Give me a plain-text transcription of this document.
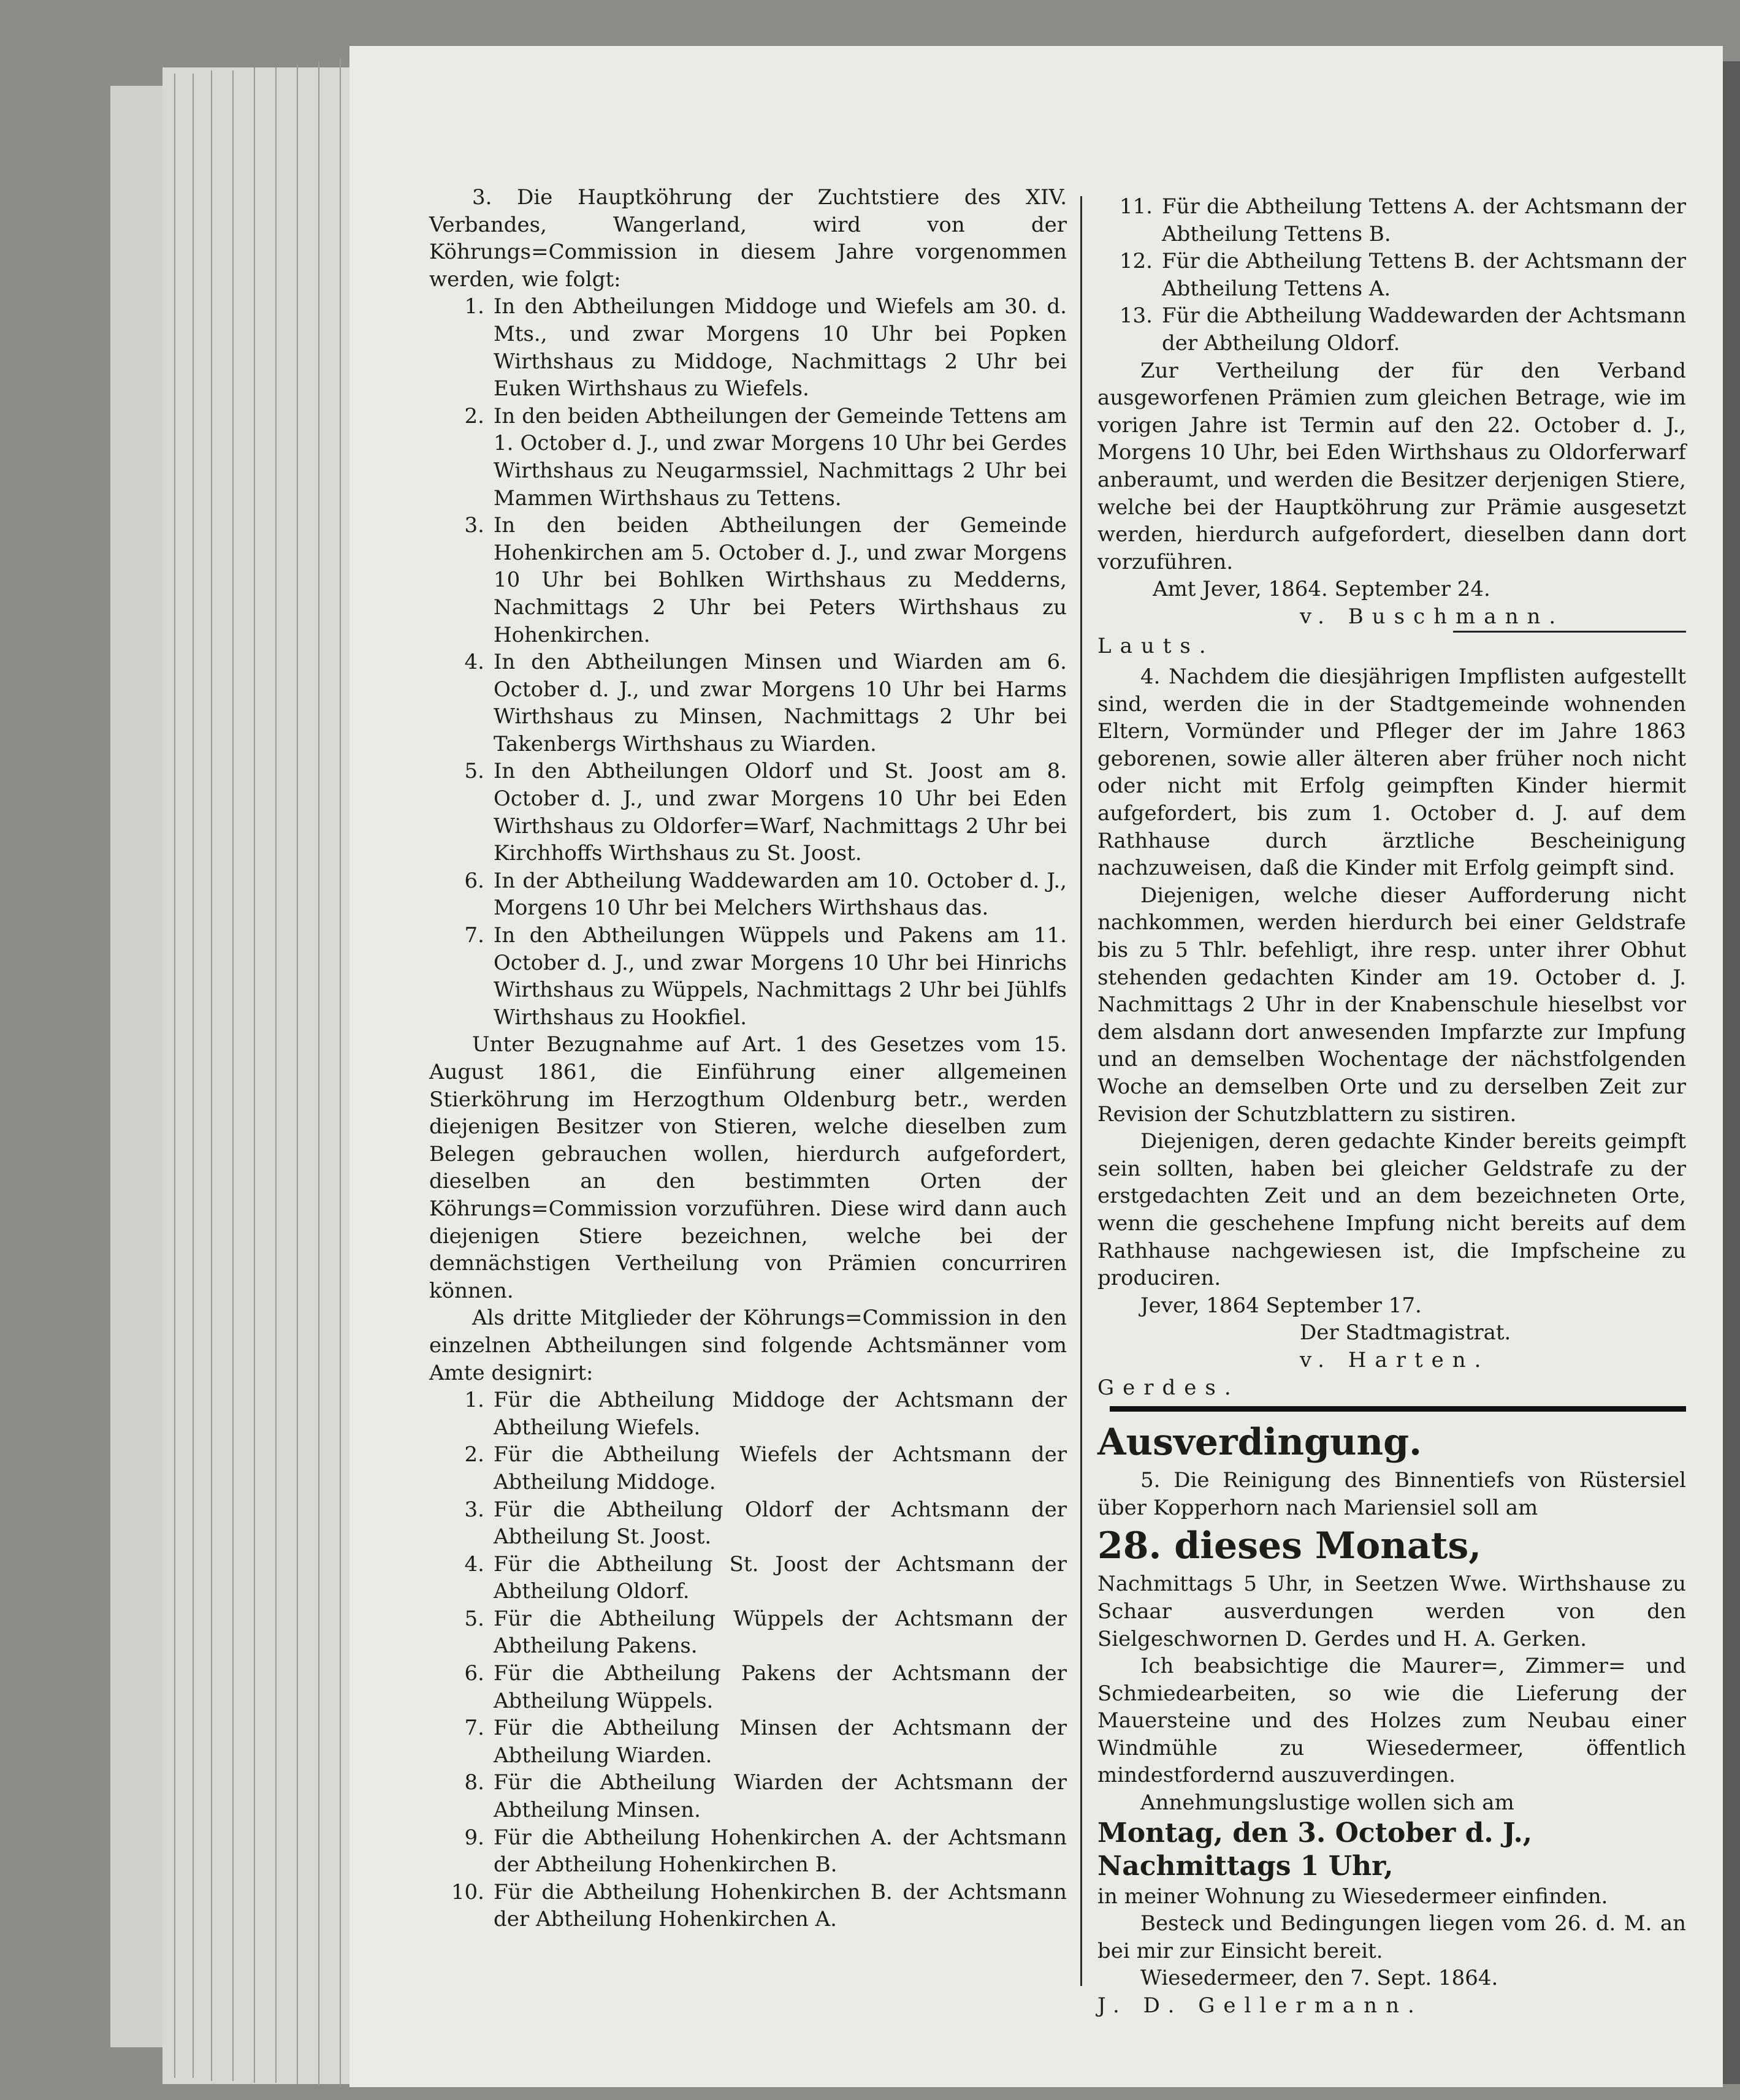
3. Die Hauptköhrung der Zuchtstiere des XIV. Verbandes, Wangerland, wird von der Köhrungs=Commission in diesem Jahre vorgenommen werden, wie folgt:

1. In den Abtheilungen Middoge und Wiefels am 30. d. Mts., und zwar Morgens 10 Uhr bei Popken Wirthshaus zu Middoge, Nachmittags 2 Uhr bei Euken Wirthshaus zu Wiefels.
2. In den beiden Abtheilungen der Gemeinde Tettens am 1. October d. J., und zwar Morgens 10 Uhr bei Gerdes Wirthshaus zu Neugarmssiel, Nachmittags 2 Uhr bei Mammen Wirthshaus zu Tettens.
3. In den beiden Abtheilungen der Gemeinde Hohenkirchen am 5. October d. J., und zwar Morgens 10 Uhr bei Bohlken Wirthshaus zu Medderns, Nachmittags 2 Uhr bei Peters Wirthshaus zu Hohenkirchen.
4. In den Abtheilungen Minsen und Wiarden am 6. October d. J., und zwar Morgens 10 Uhr bei Harms Wirthshaus zu Minsen, Nachmittags 2 Uhr bei Takenbergs Wirthshaus zu Wiarden.
5. In den Abtheilungen Oldorf und St. Joost am 8. October d. J., und zwar Morgens 10 Uhr bei Eden Wirthshaus zu Oldorfer=Warf, Nachmittags 2 Uhr bei Kirchhoffs Wirthshaus zu St. Joost.
6. In der Abtheilung Waddewarden am 10. October d. J., Morgens 10 Uhr bei Melchers Wirthshaus das.
7. In den Abtheilungen Wüppels und Pakens am 11. October d. J., und zwar Morgens 10 Uhr bei Hinrichs Wirthshaus zu Wüppels, Nachmittags 2 Uhr bei Jühlfs Wirthshaus zu Hookfiel.

Unter Bezugnahme auf Art. 1 des Gesetzes vom 15. August 1861, die Einführung einer allgemeinen Stierköhrung im Herzogthum Oldenburg betr., werden diejenigen Besitzer von Stieren, welche dieselben zum Belegen gebrauchen wollen, hierdurch aufgefordert, dieselben an den bestimmten Orten der Köhrungs=Commission vorzuführen. Diese wird dann auch diejenigen Stiere bezeichnen, welche bei der demnächstigen Vertheilung von Prämien concurriren können.

Als dritte Mitglieder der Köhrungs=Commission in den einzelnen Abtheilungen sind folgende Achtsmänner vom Amte designirt:

1. Für die Abtheilung Middoge der Achtsmann der Abtheilung Wiefels.
2. Für die Abtheilung Wiefels der Achtsmann der Abtheilung Middoge.
3. Für die Abtheilung Oldorf der Achtsmann der Abtheilung St. Joost.
4. Für die Abtheilung St. Joost der Achtsmann der Abtheilung Oldorf.
5. Für die Abtheilung Wüppels der Achtsmann der Abtheilung Pakens.
6. Für die Abtheilung Pakens der Achtsmann der Abtheilung Wüppels.
7. Für die Abtheilung Minsen der Achtsmann der Abtheilung Wiarden.
8. Für die Abtheilung Wiarden der Achtsmann der Abtheilung Minsen.
9. Für die Abtheilung Hohenkirchen A. der Achtsmann der Abtheilung Hohenkirchen B.
10. Für die Abtheilung Hohenkirchen B. der Achtsmann der Abtheilung Hohenkirchen A.
11. Für die Abtheilung Tettens A. der Achtsmann der Abtheilung Tettens B.
12. Für die Abtheilung Tettens B. der Achtsmann der Abtheilung Tettens A.
13. Für die Abtheilung Waddewarden der Achtsmann der Abtheilung Oldorf.

Zur Vertheilung der für den Verband ausgeworfenen Prämien zum gleichen Betrage, wie im vorigen Jahre ist Termin auf den 22. October d. J., Morgens 10 Uhr, bei Eden Wirthshaus zu Oldorferwarf anberaumt, und werden die Besitzer derjenigen Stiere, welche bei der Hauptköhrung zur Prämie ausgesetzt werden, hierdurch aufgefordert, dieselben dann dort vorzuführen.

Amt Jever, 1864. September 24.

v. Buschmann.

Lauts.

4. Nachdem die diesjährigen Impflisten aufgestellt sind, werden die in der Stadtgemeinde wohnenden Eltern, Vormünder und Pfleger der im Jahre 1863 geborenen, sowie aller älteren aber früher noch nicht oder nicht mit Erfolg geimpften Kinder hiermit aufgefordert, bis zum 1. October d. J. auf dem Rathhause durch ärztliche Bescheinigung nachzuweisen, daß die Kinder mit Erfolg geimpft sind.

Diejenigen, welche dieser Aufforderung nicht nachkommen, werden hierdurch bei einer Geldstrafe bis zu 5 Thlr. befehligt, ihre resp. unter ihrer Obhut stehenden gedachten Kinder am 19. October d. J. Nachmittags 2 Uhr in der Knabenschule hieselbst vor dem alsdann dort anwesenden Impfarzte zur Impfung und an demselben Wochentage der nächstfolgenden Woche an demselben Orte und zu derselben Zeit zur Revision der Schutzblattern zu sistiren.

Diejenigen, deren gedachte Kinder bereits geimpft sein sollten, haben bei gleicher Geldstrafe zu der erstgedachten Zeit und an dem bezeichneten Orte, wenn die geschehene Impfung nicht bereits auf dem Rathhause nachgewiesen ist, die Impfscheine zu produciren.

Jever, 1864 September 17.

Der Stadtmagistrat.

v. Harten.

Gerdes.

Ausverdingung.

5. Die Reinigung des Binnentiefs von Rüstersiel über Kopperhorn nach Mariensiel soll am

28. dieses Monats,

Nachmittags 5 Uhr, in Seetzen Wwe. Wirthshause zu Schaar ausverdungen werden von den Sielgeschwornen D. Gerdes und H. A. Gerken.

Ich beabsichtige die Maurer=, Zimmer= und Schmiedearbeiten, so wie die Lieferung der Mauersteine und des Holzes zum Neubau einer Windmühle zu Wiesedermeer, öffentlich mindestfordernd auszuverdingen.

Annehmungslustige wollen sich am

Montag, den 3. October d. J.,

Nachmittags 1 Uhr,

in meiner Wohnung zu Wiesedermeer einfinden.

Besteck und Bedingungen liegen vom 26. d. M. an bei mir zur Einsicht bereit.

Wiesedermeer, den 7. Sept. 1864.

J. D. Gellermann.
